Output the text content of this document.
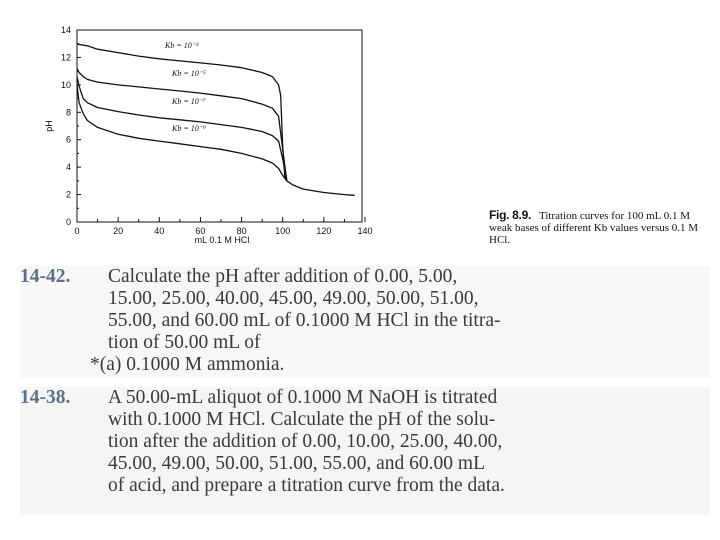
0
2
4
6
8
10
12
14
0	20	40	60	80	100	120	140
mL 0.1 M HCl
pH
Kb = 10⁻³
Kb = 10⁻⁵
Kb = 10⁻⁷
Kb = 10⁻⁹
Fig. 8.9. Titration curves for 100 mL 0.1 M weak bases of different Kb values versus 0.1 M HCl.
14-42. Calculate the pH after addition of 0.00, 5.00,
15.00, 25.00, 40.00, 45.00, 49.00, 50.00, 51.00,
55.00, and 60.00 mL of 0.1000 M HCl in the titra-
tion of 50.00 mL of
*(a) 0.1000 M ammonia.
14-38. A 50.00-mL aliquot of 0.1000 M NaOH is titrated
with 0.1000 M HCl. Calculate the pH of the solu-
tion after the addition of 0.00, 10.00, 25.00, 40.00,
45.00, 49.00, 50.00, 51.00, 55.00, and 60.00 mL
of acid, and prepare a titration curve from the data.
